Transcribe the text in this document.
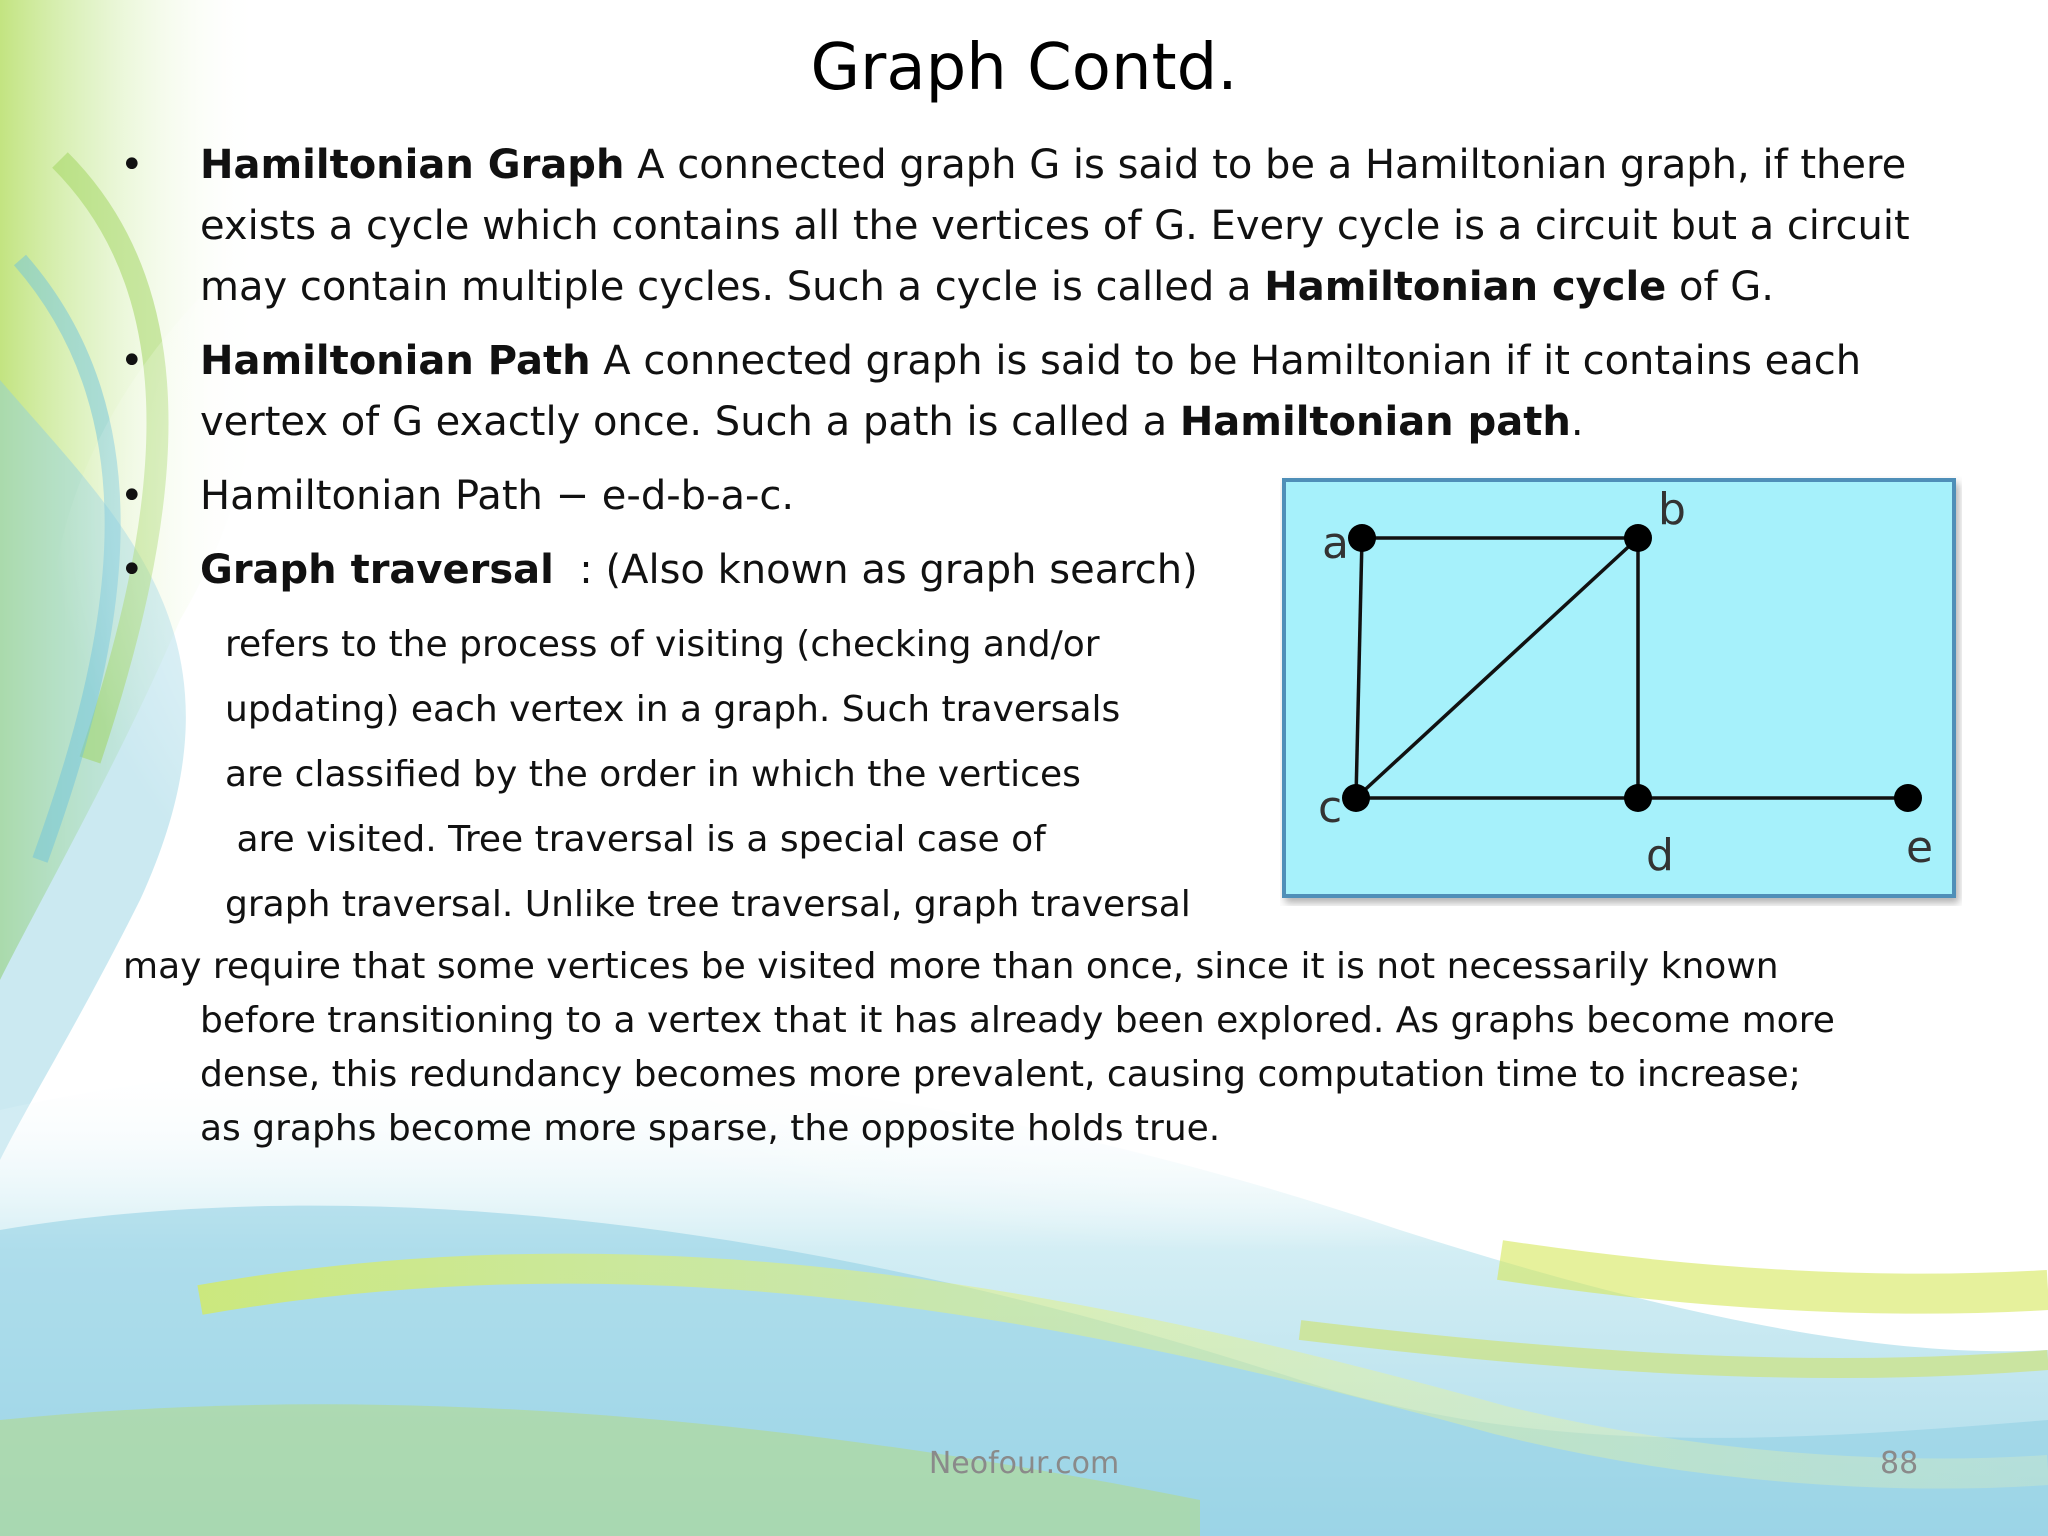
Graph Contd.
• Hamiltonian Graph A connected graph G is said to be a Hamiltonian graph, if there exists a cycle which contains all the vertices of G. Every cycle is a circuit but a circuit may contain multiple cycles. Such a cycle is called a Hamiltonian cycle of G.
• Hamiltonian Path A connected graph is said to be Hamiltonian if it contains each vertex of G exactly once. Such a path is called a Hamiltonian path.
• Hamiltonian Path − e-d-b-a-c.
• Graph traversal  : (Also known as graph search)
refers to the process of visiting (checking and/or
updating) each vertex in a graph. Such traversals
are classified by the order in which the vertices
are visited. Tree traversal is a special case of
graph traversal. Unlike tree traversal, graph traversal
may require that some vertices be visited more than once, since it is not necessarily known before transitioning to a vertex that it has already been explored. As graphs become more dense, this redundancy becomes more prevalent, causing computation time to increase; as graphs become more sparse, the opposite holds true.
a
b
c
d	e
Neofour.com	88
